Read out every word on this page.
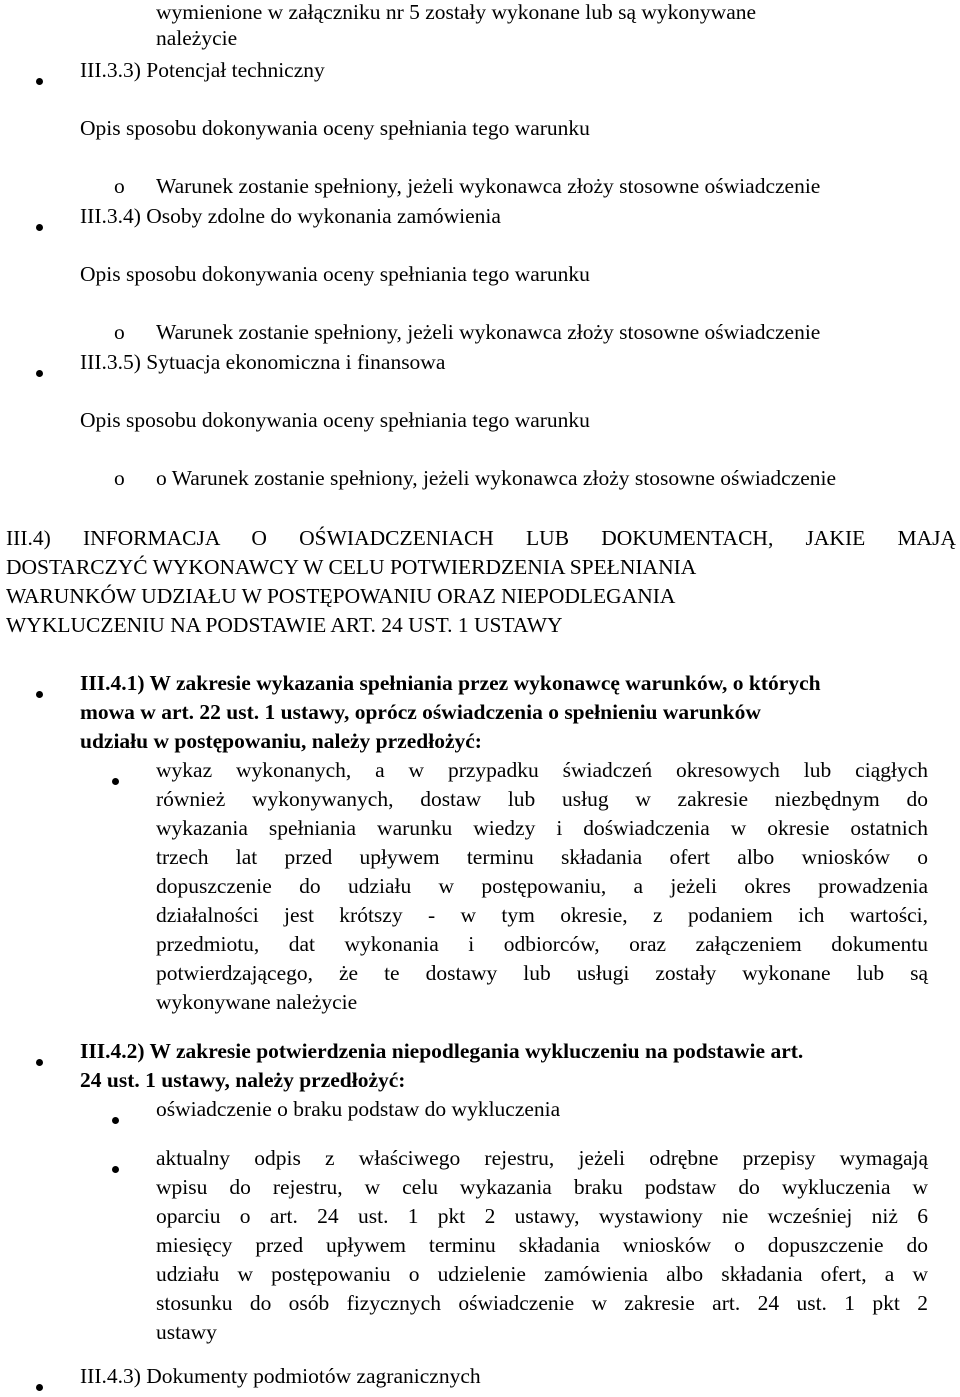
wymienione w załączniku nr 5 zostały wykonane lub są wykonywane
należycie
III.3.3) Potencjał techniczny
Opis sposobu dokonywania oceny spełniania tego warunku
o Warunek zostanie spełniony, jeżeli wykonawca złoży stosowne oświadczenie
III.3.4) Osoby zdolne do wykonania zamówienia
Opis sposobu dokonywania oceny spełniania tego warunku
o Warunek zostanie spełniony, jeżeli wykonawca złoży stosowne oświadczenie
III.3.5) Sytuacja ekonomiczna i finansowa
Opis sposobu dokonywania oceny spełniania tego warunku
o o Warunek zostanie spełniony, jeżeli wykonawca złoży stosowne oświadczenie
III.4) INFORMACJA O OŚWIADCZENIACH LUB DOKUMENTACH, JAKIE MAJĄ
DOSTARCZYĆ WYKONAWCY W CELU POTWIERDZENIA SPEŁNIANIA
WARUNKÓW UDZIAŁU W POSTĘPOWANIU ORAZ NIEPODLEGANIA
WYKLUCZENIU NA PODSTAWIE ART. 24 UST. 1 USTAWY
III.4.1) W zakresie wykazania spełniania przez wykonawcę warunków, o których
mowa w art. 22 ust. 1 ustawy, oprócz oświadczenia o spełnieniu warunków
udziału w postępowaniu, należy przedłożyć:
wykaz wykonanych, a w przypadku świadczeń okresowych lub ciągłych
również wykonywanych, dostaw lub usług w zakresie niezbędnym do
wykazania spełniania warunku wiedzy i doświadczenia w okresie ostatnich
trzech lat przed upływem terminu składania ofert albo wniosków o
dopuszczenie do udziału w postępowaniu, a jeżeli okres prowadzenia
działalności jest krótszy - w tym okresie, z podaniem ich wartości,
przedmiotu, dat wykonania i odbiorców, oraz załączeniem dokumentu
potwierdzającego, że te dostawy lub usługi zostały wykonane lub są
wykonywane należycie
III.4.2) W zakresie potwierdzenia niepodlegania wykluczeniu na podstawie art.
24 ust. 1 ustawy, należy przedłożyć:
oświadczenie o braku podstaw do wykluczenia
aktualny odpis z właściwego rejestru, jeżeli odrębne przepisy wymagają
wpisu do rejestru, w celu wykazania braku podstaw do wykluczenia w
oparciu o art. 24 ust. 1 pkt 2 ustawy, wystawiony nie wcześniej niż 6
miesięcy przed upływem terminu składania wniosków o dopuszczenie do
udziału w postępowaniu o udzielenie zamówienia albo składania ofert, a w
stosunku do osób fizycznych oświadczenie w zakresie art. 24 ust. 1 pkt 2
ustawy
III.4.3) Dokumenty podmiotów zagranicznych
